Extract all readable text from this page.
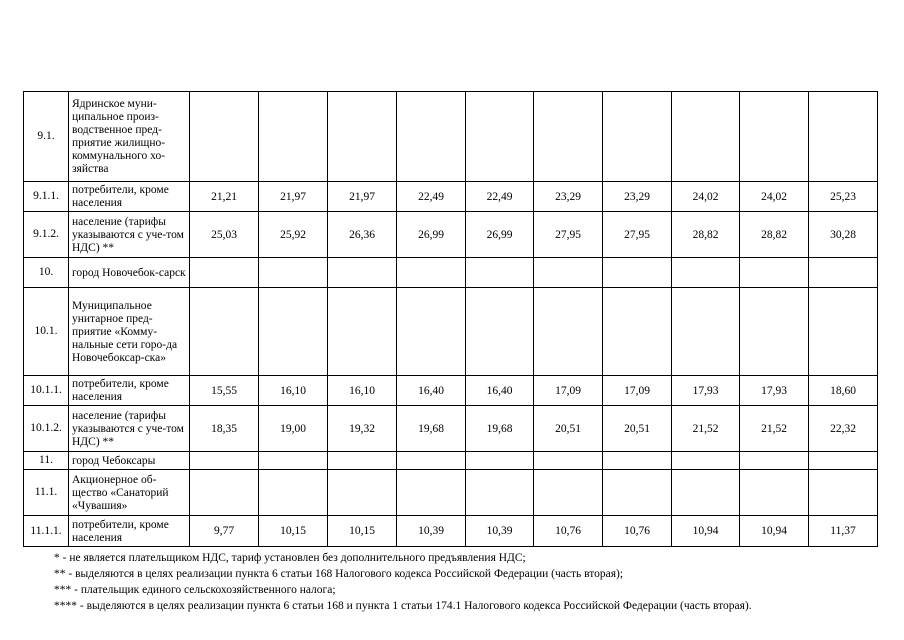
9.1.	Ядринское муни-ципальное произ-водственное пред-приятие жилищно-коммунального хо-зяйства										
9.1.1.	потребители, кроме населения	21,21	21,97	21,97	22,49	22,49	23,29	23,29	24,02	24,02	25,23
9.1.2.	население (тарифы указываются с уче-том НДС) **	25,03	25,92	26,36	26,99	26,99	27,95	27,95	28,82	28,82	30,28
10.	город Новочебок-сарск										
10.1.	Муниципальное унитарное пред-приятие «Комму-нальные сети горо-да Новочебоксар-ска»										
10.1.1.	потребители, кроме населения	15,55	16,10	16,10	16,40	16,40	17,09	17,09	17,93	17,93	18,60
10.1.2.	население (тарифы указываются с уче-том НДС) **	18,35	19,00	19,32	19,68	19,68	20,51	20,51	21,52	21,52	22,32
11.	город Чебоксары										
11.1.	Акционерное об-щество «Санаторий «Чувашия»										
11.1.1.	потребители, кроме населения	9,77	10,15	10,15	10,39	10,39	10,76	10,76	10,94	10,94	11,37
* - не является плательщиком НДС, тариф установлен без дополнительного предъявления НДС;
** - выделяются в целях реализации пункта 6 статьи 168 Налогового кодекса Российской Федерации (часть вторая);
*** - плательщик единого сельскохозяйственного налога;
**** - выделяются в целях реализации пункта 6 статьи 168 и пункта 1 статьи 174.1 Налогового кодекса Российской Федерации (часть вторая).
